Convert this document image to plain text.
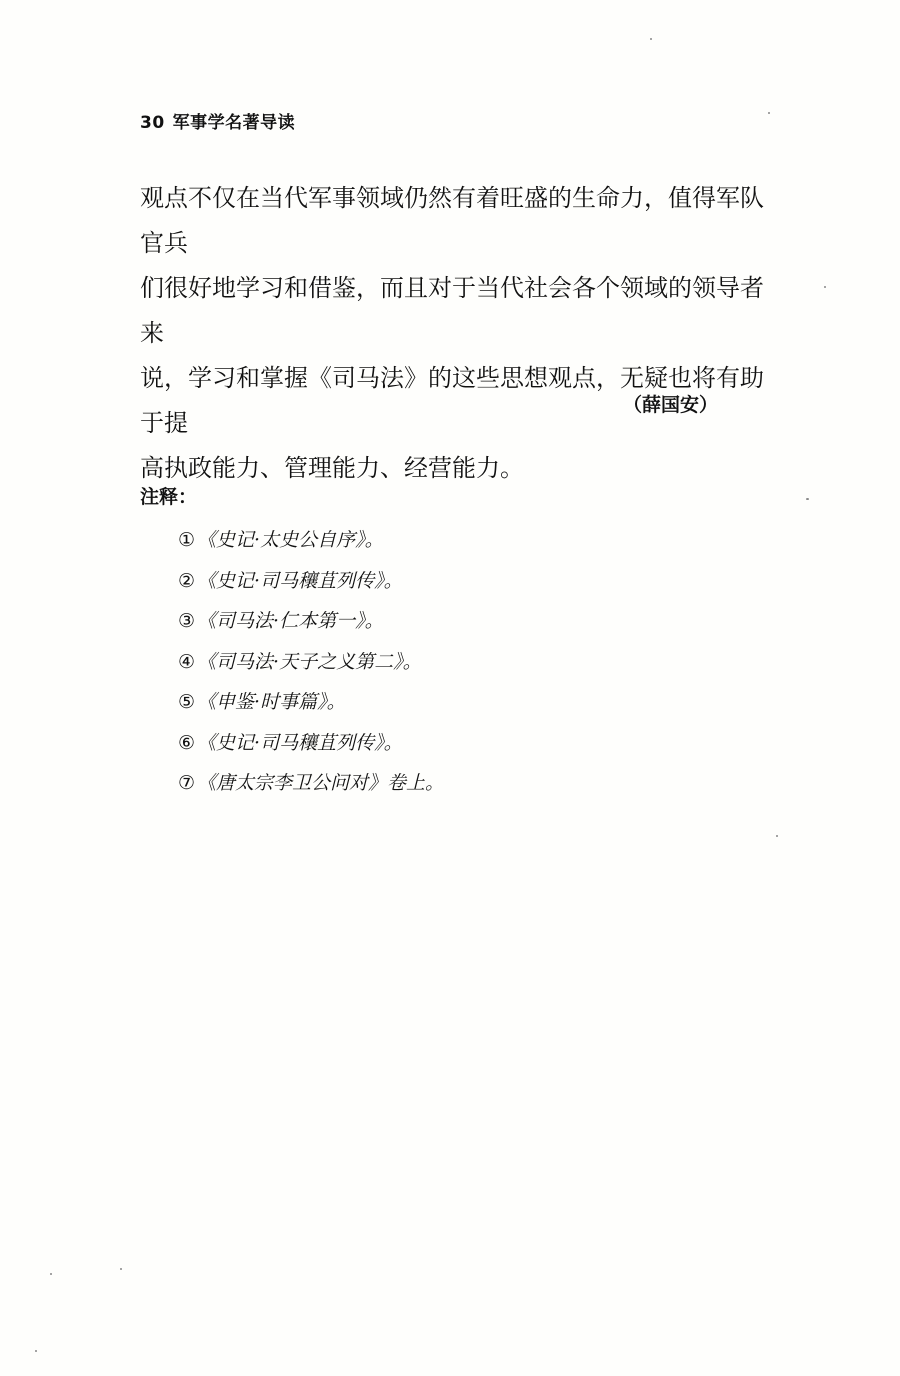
30 军事学名著导读

观点不仅在当代军事领域仍然有着旺盛的生命力，值得军队官兵

们很好地学习和借鉴，而且对于当代社会各个领域的领导者来

说，学习和掌握《司马法》的这些思想观点，无疑也将有助于提

高执政能力、管理能力、经营能力。

（薛国安）
注释：
① 《史记·太史公自序》。
② 《史记·司马穰苴列传》。
③ 《司马法·仁本第一》。
④ 《司马法·天子之义第二》。
⑤ 《申鉴·时事篇》。
⑥ 《史记·司马穰苴列传》。
⑦ 《唐太宗李卫公问对》卷上。
